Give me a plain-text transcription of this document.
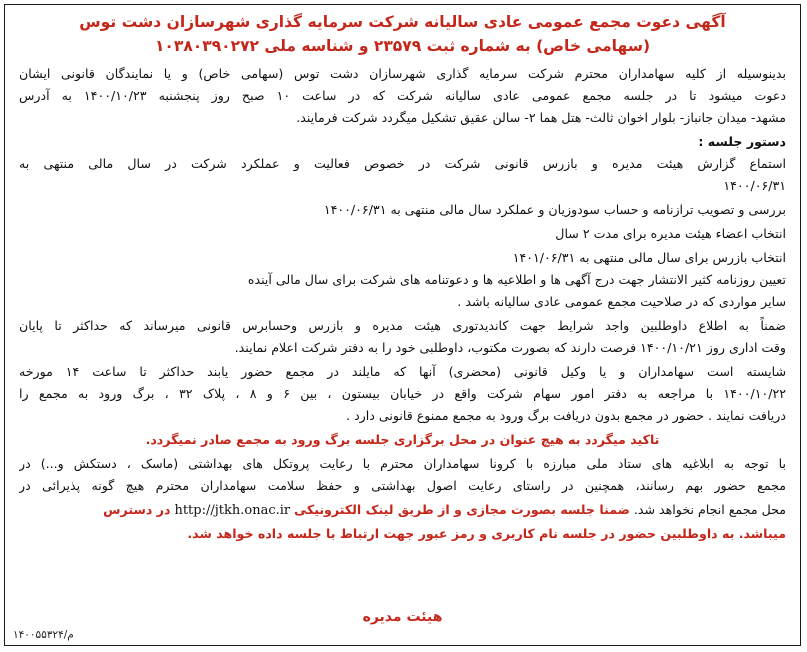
آگهی دعوت مجمع عمومی عادی سالیانه شرکت سرمایه گذاری شهرسازان دشت توس
(سهامی خاص) به شماره ثبت ۲۳۵۷۹ و شناسه ملی ۱۰۳۸۰۳۹۰۲۷۲
بدینوسیله از کلیه سهامداران محترم شرکت سرمایه گذاری شهرسازان دشت توس (سهامی خاص) و یا نمایندگان قانونی ایشان
دعوت میشود تا در جلسه مجمع عمومی عادی سالیانه شرکت که در ساعت ۱۰ صبح روز پنجشنبه ۱۴۰۰/۱۰/۲۳ به آدرس
مشهد- میدان جانباز- بلوار اخوان ثالث- هتل هما ۲- سالن عقیق تشکیل میگردد شرکت فرمایند.
دستور جلسه :
استماع گزارش هیئت مدیره و بازرس قانونی شرکت در خصوص فعالیت و عملکرد شرکت در سال مالی منتهی به
۱۴۰۰/۰۶/۳۱
بررسی و تصویب ترازنامه و حساب سودوزیان و عملکرد سال مالی منتهی به ۱۴۰۰/۰۶/۳۱
انتخاب اعضاء هیئت مدیره برای مدت ۲ سال
انتخاب بازرس برای سال مالی منتهی به ۱۴۰۱/۰۶/۳۱
تعیین روزنامه کثیر الانتشار جهت درج آگهی ها و اطلاعیه ها و دعوتنامه های شرکت برای سال مالی آینده
سایر مواردی که در صلاحیت مجمع عمومی عادی سالیانه باشد .
ضمناً به اطلاع داوطلبین واجد شرایط جهت کاندیدتوری هیئت مدیره و بازرس وحسابرس قانونی میرساند که حداکثر تا پایان
وقت اداری روز ۱۴۰۰/۱۰/۲۱ فرصت دارند که بصورت مکتوب، داوطلبی خود را به دفتر شرکت اعلام نمایند.
شایسته است سهامداران و یا وکیل قانونی (محضری) آنها که مایلند در مجمع حضور یابند حداکثر تا ساعت ۱۴ مورخه
۱۴۰۰/۱۰/۲۲ با مراجعه به دفتر امور سهام شرکت واقع در خیابان بیستون ، بین ۶ و ۸ ، پلاک ۳۲ ، برگ ورود به مجمع را
دریافت نمایند . حضور در مجمع بدون دریافت برگ ورود به مجمع ممنوع قانونی دارد .
تاکید میگردد به هیچ عنوان در محل برگزاری جلسه برگ ورود به مجمع صادر نمیگردد.
با توجه به ابلاغیه های ستاد ملی مبارزه با کرونا سهامداران محترم با رعایت پروتکل های بهداشتی (ماسک ، دستکش و...) در
مجمع حضور بهم رسانند، همچنین در راستای رعایت اصول بهداشتی و حفظ سلامت سهامداران محترم هیچ گونه پذیرائی در
محل مجمع انجام نخواهد شد. ضمنا جلسه بصورت مجازی و از طریق لینک الکترونیکی http://jtkh.onac.ir در دسترس
میباشد. به داوطلبین حضور در جلسه نام کاربری و رمز عبور جهت ارتباط با جلسه داده خواهد شد.
هیئت مدیره
م/۱۴۰۰۵۵۳۲۴
